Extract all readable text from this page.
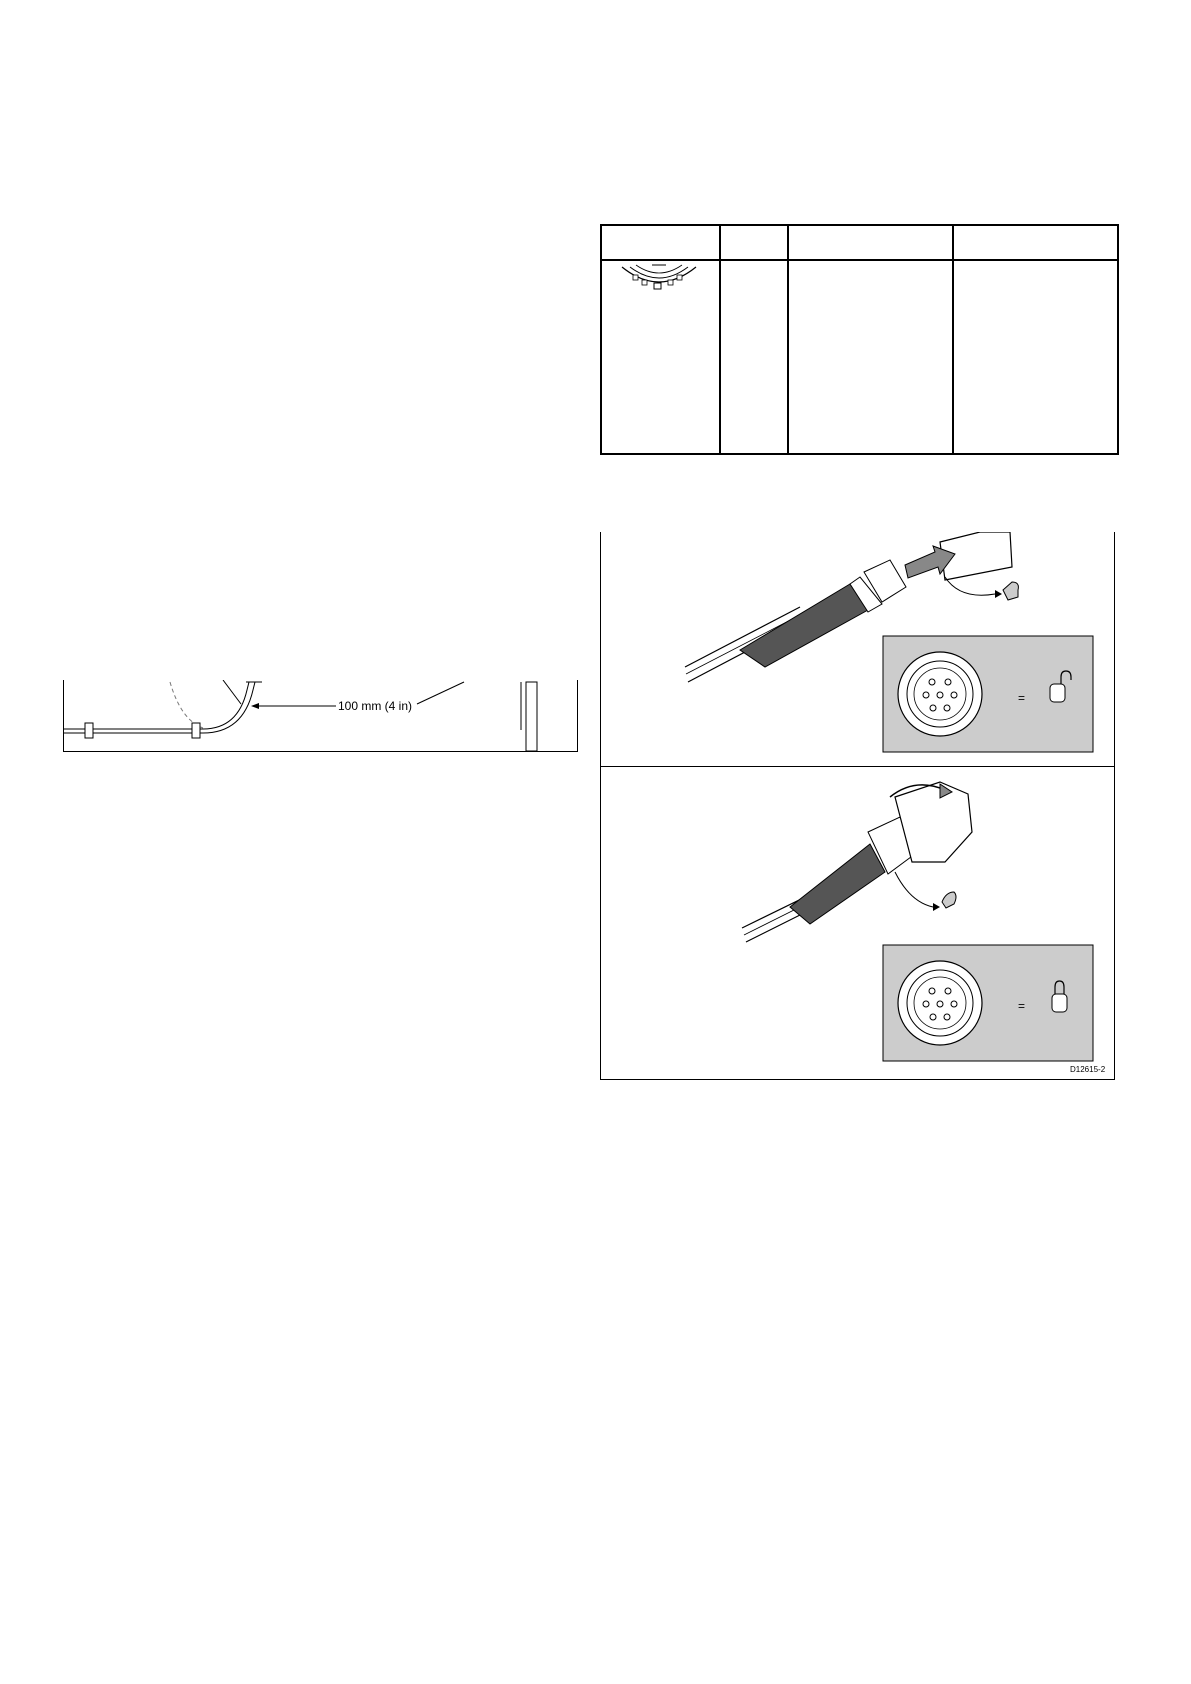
100 mm (4 in)
=
=
D12615-2
